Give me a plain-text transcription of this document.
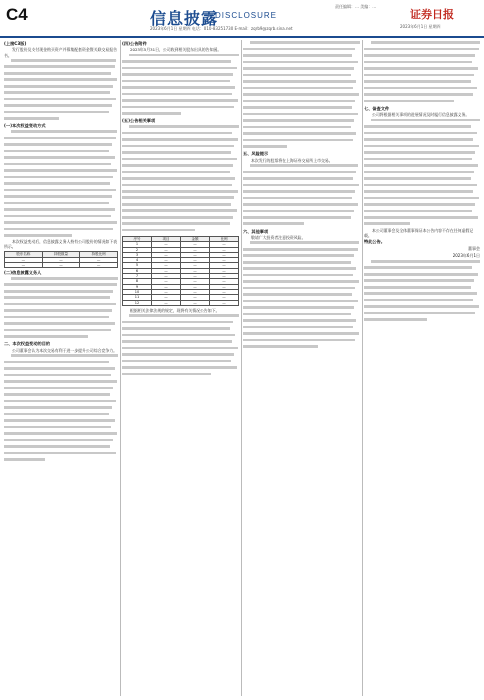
C4	信息披露
DISCLOSURE
责任编辑：… 美编：…
2023年6月1日 星期四 电话：010-83251730 E-mail：zqrb9@zqrb.sina.net
证券日报
2023年6月1日 星期四
(上接C3版)

发行股份及支付现金购买资产并募集配套资金暨关联交易报告书。

(一)本次权益变动方式

本次权益变动后，信息披露义务人持有公司股份的情况如下表所示。

股东名称	持股数量	持股比例
—	—	—
—	—	—
(二)信息披露义务人
二、本次权益变动的目的

公司董事会认为本次交易有利于进一步提升公司综合竞争力。

(四)公告附件

2023年5月31日，公司收到相关股东出具的告知函。

(五)公告相关事项
序号	项目	金额	比例
1	—	—	—
2	—	—	—
3	—	—	—
4	—	—	—
5	—	—	—
6	—	—	—
7	—	—	—
8	—	—	—
9	—	—	—
10	—	—	—
11	—	—	—
12	—	—	—

根据相关法律法规的规定，现将有关情况公告如下。

五、风险提示

本次发行的股票将在上海证券交易所上市交易。

六、其他事项

敬请广大投资者注意投资风险。

七、备查文件

公司将根据相关事项的进展情况及时履行信息披露义务。

本公司董事会及全体董事保证本公告内容不存在任何虚假记载。

特此公告。
董事会
2023年6月1日
